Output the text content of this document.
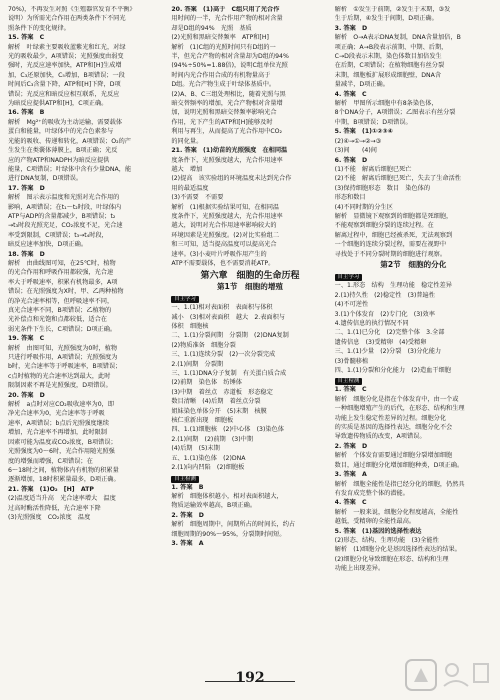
70%)，不再发生对照《生殖器官发育不平衡》

说明）为所需光合作用在两类条件下不同光

照条件下的变化规律。

15. 答案　C

解析　叶绿素主要吸收蓝紫光和红光，对绿

光的吸收最少，A项错误；光照强度由弱变

强时，光反应速率加快，ATP和[H]生成增

加，C₃还原加快，C₅增加，B项错误；一段

时间后C₃含量下降，ATP和[H]下降，D项

错误；光反应和暗反应相互联系，光反应

为暗反应提供ATP和[H]，C项正确。

16. 答案　B

解析　Mg²⁺的吸收为主动运输，需要载体

蛋白和能量，叶绿体中的光合色素参与

光能的吸收、传递和转化，A项错误；O₂的产

生发生在类囊体薄膜上，B项正确；光反

应的产物ATP和NADPH为暗反应提供

能量，C项错误；叶绿体中含有少量DNA，能

进行DNA复制，D项错误。

17. 答案　D

解析　图示表示温度和光照对光合作用的

影响，A项错误；在t₁～t₂时段，叶绿体内

ATP与ADP的含量都减少，B项错误；t₂

→t₃时段光照充足，CO₂浓度不足，光合速

率受到限制，C项错误；t₃→t₄时段，

暗反应速率加快，D项正确。

18. 答案　D

解析　由曲线图可知，在25℃时，植物

的光合作用和呼吸作用都较强，光合速

率大于呼吸速率，积累有机物最多，A项

错误；在光照强度为X时，甲、乙两种植物

的净光合速率相等，但呼吸速率不同，

真光合速率不同，B项错误；乙植物的

光补偿点和光饱和点都较低，适合在

弱光条件下生长，C项错误；D项正确。

19. 答案　C

解析　由图可知，光照强度为0时，植物

只进行呼吸作用，A项错误；光照强度为

b时，光合速率等于呼吸速率，B项错误；

c点时植物的光合速率达到最大，此时

限制因素不再是光照强度，D项错误。

20. 答案　D

解析　a点时对应CO₂吸收速率为0，即

净光合速率为0，光合速率等于呼吸

速率，A项错误；b点后光照强度继续

增加，光合速率不再增加，此时限制

因素可能为温度或CO₂浓度，B项错误；

光照强度为0～6时，光合作用随光照强

度的增强而增强，C项错误；在

6～18时之间，植物体内有机物的积累量

逐渐增加，18时积累量最多，D项正确。

21. 答案　(1)O₂　[H]　ATP

(2)温度适当升高　光合速率增大　温度

过高时酶活性降低，光合速率下降

(3)光照强度　CO₂浓度　温度

20. 答案　(1)高于　C组只用了光合作

用时间的一半，光合作用产物的相对含量

却是D组的94%　光照　基质

(2)光照和黑暗交替频率　ATP和[H]

解析　(1)C组的光照时间只有D组的一

半，但光合产物的相对含量却为D组的94%

(94%÷50%≈1.88倍)，说明C组单位光照

时间内光合作用合成的有机物量高于

D组。光合产物生成于叶绿体基质中。

(2)A、B、C三组处理相比，随着光照与黑

暗交替频率的增加，光合产物相对含量增

加，说明光照和黑暗交替频率影响光合

作用，光下产生的ATP和[H]能够及时

利用与再生，从而提高了光合作用中CO₂

的同化量。

21. 答案　(1)幼苗的光照强度　在相同温

度条件下，光照强度越大，光合作用速率

越大　增加

(2)提高　该实验组的环境温度未达到光合作

用的最适温度

(3)不需要　不需要

解析　(1)根据实验结果可知，在相同温

度条件下，光照强度越大，光合作用速率

越大，说明对光合作用速率影响较大的

环境因素是光照强度。(2)对比实验组二

和三可知，适当提高温度可以提高光合

速率。(3)小麦叶片呼吸作用产生的

ATP不需要载体，也不需要消耗ATP。

第六章　细胞的生命历程
第1节　细胞的增殖
自主学习

一、1.(1)相对表面积　表面积与体积

减小　(3)相对表面积　越大　2.表面积与

体积　细胞核

二、1.(1)分裂间期　分裂期　(2)DNA复制

(2)物质准备　细胞分裂

三、1.(1)连续分裂　(2)一次分裂完成

2.(1)间期　分裂期

三、1.(1)DNA分子复制　有关蛋白质合成

(2)前期　染色体　纺锤体

(3)中期　着丝点　赤道板　形态稳定

数目清晰　(4)后期　着丝点分裂

姐妹染色单体分开　(5)末期　核膜

核仁重新出现　细胞板

四、1.(1)细胞核　(2)中心体　(3)染色体

2.(1)间期　(2)前期　(3)中期

(4)后期　(5)末期

五、1.(1)染色体　(2)DNA

2.(1)向内凹陷　(2)细胞板

自主检测

1. 答案　B

解析　细胞体积越小，相对表面积越大，

物质运输效率越高，B项正确。

2. 答案　D

解析　细胞周期中，间期所占的时间长，约占

细胞周期的90%～95%，分裂期时间短。

3. 答案　A

解析　①发生于前期，②发生于末期，③发

生于后期，④发生于间期，D项正确。

3. 答案　D

解析　O→A表示DNA复制，DNA含量加倍，B

项正确；A→B段表示前期、中期、后期，

C→D段表示末期，染色体数目加倍发生

在后期，C项错误；在植物细胞有丝分裂

末期，细胞板扩展形成细胞壁，DNA含

量减半，D项正确。

4. 答案　C

解析　甲图所示细胞中有8条染色体，

8个DNA分子，A项错误；乙图表示有丝分裂

中期，B项错误；D项错误。

5. 答案　(1)①②③④

(2)④→①→②→③

(3)间　　(4)间

6. 答案　D

(1)不能　解离后细胞已死亡

(2)不能　解离后细胞已死亡，失去了生命活性

(3)保持细胞形态　数目　染色体的

形态和数目

(4)不同时期的分生区

解析　显微镜下观察到的细胞都是死细胞，

不能观察到细胞分裂的连续过程。在

解离过程中，细胞已经被杀死，无法观察到

一个细胞的连续分裂过程，需要在视野中

寻找处于不同分裂时期的细胞进行观察。

第2节　细胞的分化
自主学习

一、1.形态　结构　生理功能　稳定性差异

2.(1)持久性　(2)稳定性　(3)普遍性

(4)不可逆性

3.(1)个体发育　(2)专门化　(3)效率

4.遗传信息的执行情况不同

二、1.(1)已分化　(2)完整个体　3.全部

遗传信息　(3)受精卵　(4)受精卵

三、1.(1)少量　(2)分裂　(3)分化能力

(3)骨髓移植

四、1.(1)分裂和分化能力　(2)造血干细胞

自主检测

1. 答案　C

解析　细胞分化是指在个体发育中，由一个或

一种细胞增殖产生的后代，在形态、结构和生理

功能上发生稳定性差异的过程。细胞分化

的实质是基因的选择性表达，细胞分化不会

导致遗传物质的改变，A项错误。

2. 答案　D

解析　个体发育需要通过细胞分裂增加细胞

数目，通过细胞分化增加细胞种类，D项正确。

3. 答案　A

解析　细胞全能性是指已经分化的细胞，仍然具

有发育成完整个体的潜能。

4. 答案　C

解析　一般来说，细胞分化程度越高，全能性

越低，受精卵的全能性最高。

5. 答案　(1)基因的选择性表达

(2)形态、结构、生理功能　(3)全能性

解析　(1)细胞分化是基因选择性表达的结果。

(2)细胞分化导致细胞在形态、结构和生理

功能上出现差异。

192
